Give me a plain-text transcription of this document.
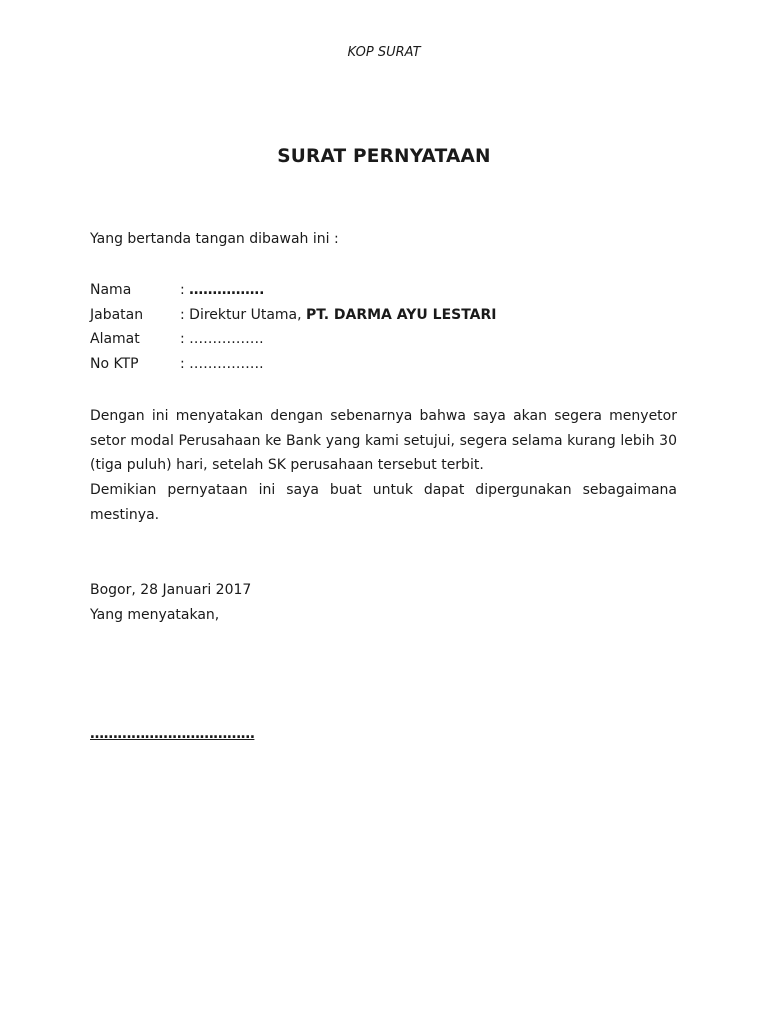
KOP SURAT
SURAT PERNYATAAN
Yang bertanda tangan dibawah ini :
Nama	: …………….
Jabatan	: Direktur Utama, PT. DARMA AYU LESTARI
Alamat	: …………….
No KTP	: …………….

Dengan ini menyatakan dengan sebenarnya bahwa saya akan segera menyetor setor modal Perusahaan ke Bank yang kami setujui, segera selama kurang lebih 30 (tiga puluh) hari, setelah SK perusahaan tersebut terbit.

Demikian pernyataan ini saya buat untuk dapat dipergunakan sebagaimana mestinya.

Bogor, 28 Januari 2017
Yang menyatakan,
………………………………
